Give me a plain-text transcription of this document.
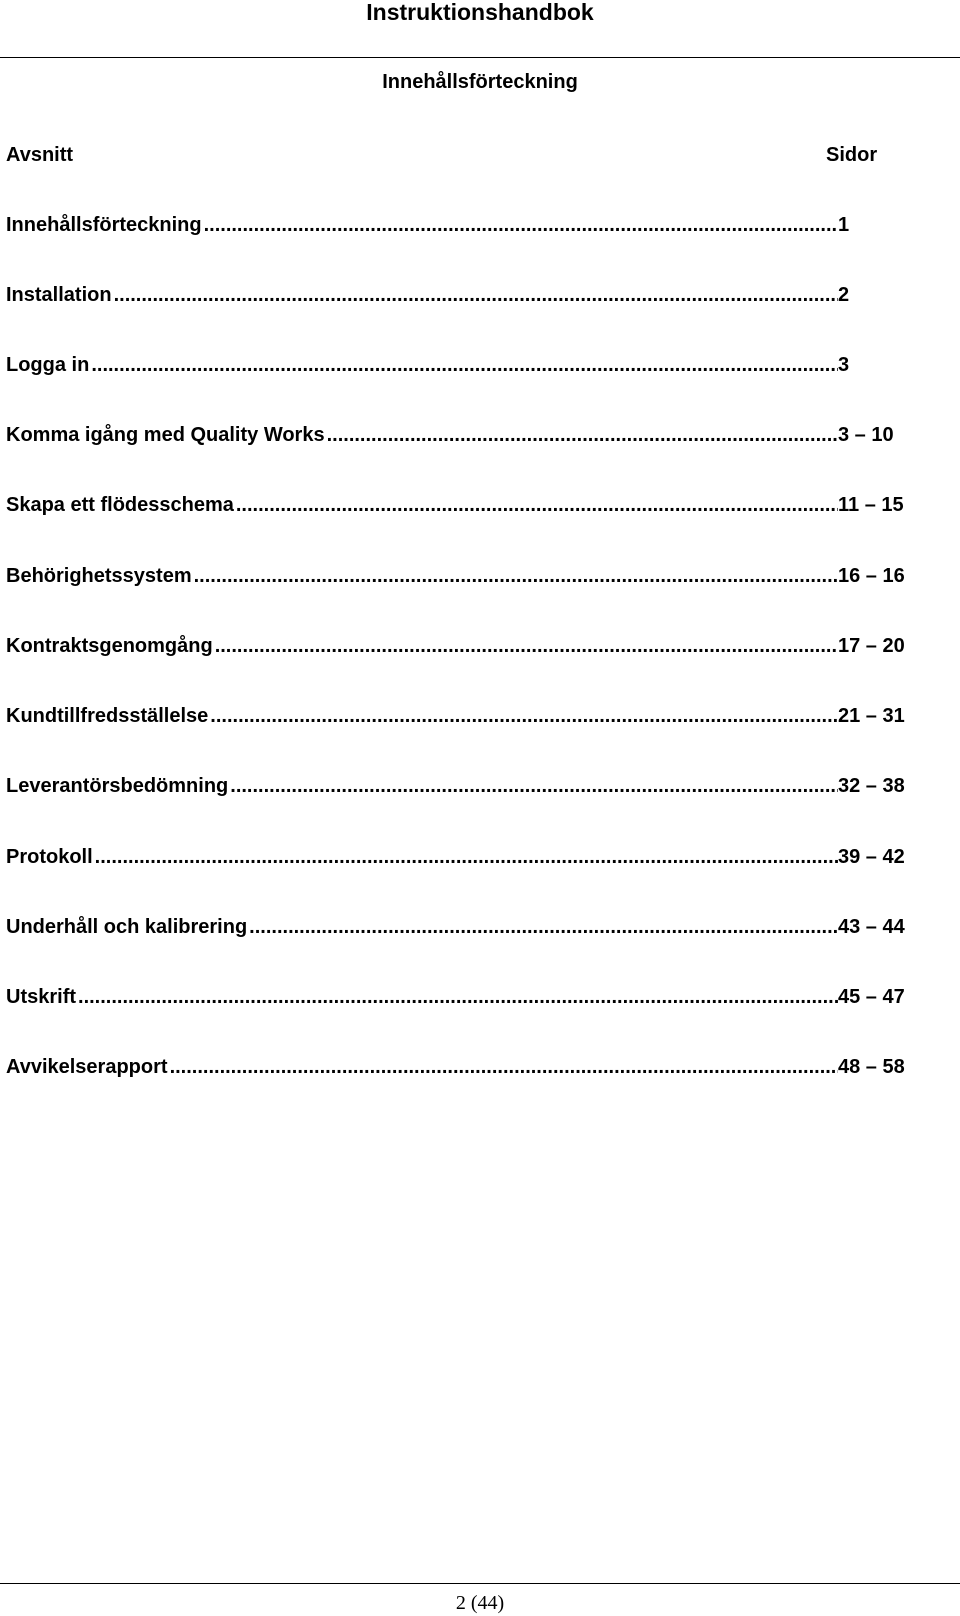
Instruktionshandbok
Innehållsförteckning
Avsnitt	Sidor
Innehållsförteckning .....	1
Installation .....	2
Logga in .....	3
Komma igång med Quality Works .....	3 – 10
Skapa ett flödesschema .....	11 – 15
Behörighetssystem .....	16 – 16
Kontraktsgenomgång .....	17 – 20
Kundtillfredsställelse .....	21 – 31
Leverantörsbedömning .....	32 – 38
Protokoll .....	39 – 42
Underhåll och kalibrering .....	43 – 44
Utskrift .....	45 – 47
Avvikelserapport .....	48 – 58
2 (44)
